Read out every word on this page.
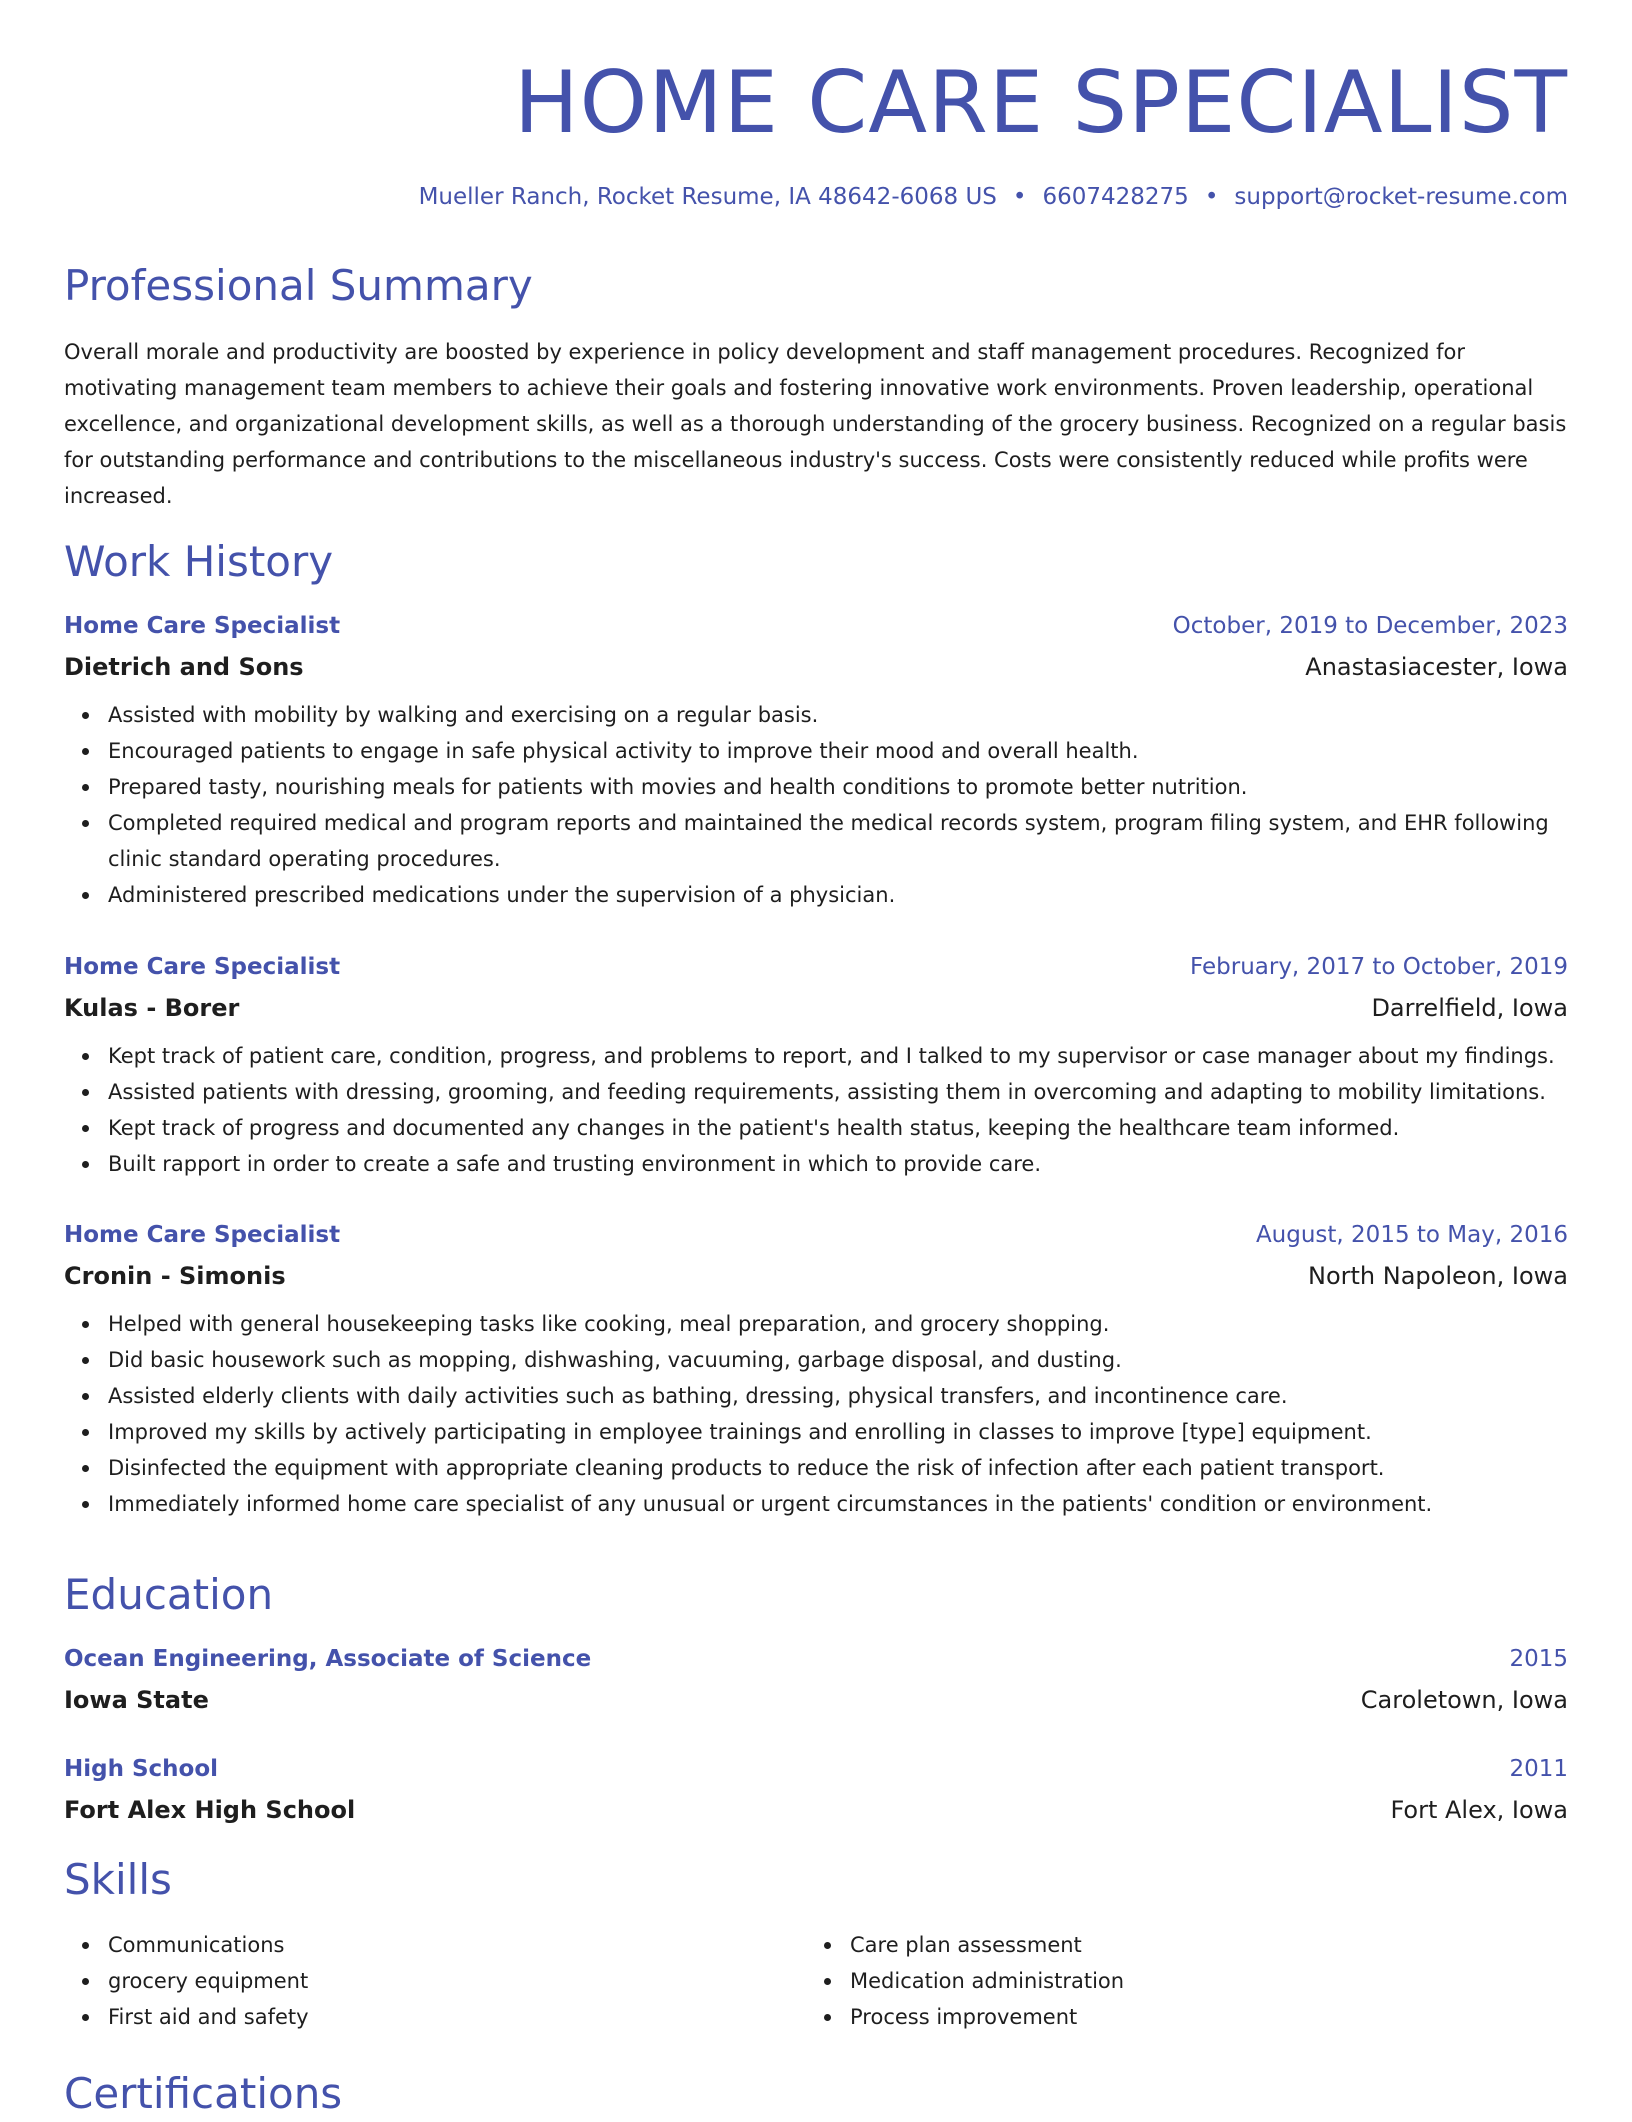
HOME CARE SPECIALIST
Mueller Ranch, Rocket Resume, IA 48642-6068 US • 6607428275 • support@rocket-resume.com
Professional Summary

Overall morale and productivity are boosted by experience in policy development and staff management procedures. Recognized for motivating management team members to achieve their goals and fostering innovative work environments. Proven leadership, operational excellence, and organizational development skills, as well as a thorough understanding of the grocery business. Recognized on a regular basis for outstanding performance and contributions to the miscellaneous industry's success. Costs were consistently reduced while profits were increased.

Work History
Home Care Specialist	October, 2019 to December, 2023
Dietrich and Sons	Anastasiacester, Iowa
Assisted with mobility by walking and exercising on a regular basis.
Encouraged patients to engage in safe physical activity to improve their mood and overall health.
Prepared tasty, nourishing meals for patients with movies and health conditions to promote better nutrition.
Completed required medical and program reports and maintained the medical records system, program filing system, and EHR following clinic standard operating procedures.
Administered prescribed medications under the supervision of a physician.
Home Care Specialist	February, 2017 to October, 2019
Kulas - Borer	Darrelfield, Iowa
Kept track of patient care, condition, progress, and problems to report, and I talked to my supervisor or case manager about my findings.
Assisted patients with dressing, grooming, and feeding requirements, assisting them in overcoming and adapting to mobility limitations.
Kept track of progress and documented any changes in the patient's health status, keeping the healthcare team informed.
Built rapport in order to create a safe and trusting environment in which to provide care.
Home Care Specialist	August, 2015 to May, 2016
Cronin - Simonis	North Napoleon, Iowa
Helped with general housekeeping tasks like cooking, meal preparation, and grocery shopping.
Did basic housework such as mopping, dishwashing, vacuuming, garbage disposal, and dusting.
Assisted elderly clients with daily activities such as bathing, dressing, physical transfers, and incontinence care.
Improved my skills by actively participating in employee trainings and enrolling in classes to improve [type] equipment.
Disinfected the equipment with appropriate cleaning products to reduce the risk of infection after each patient transport.
Immediately informed home care specialist of any unusual or urgent circumstances in the patients' condition or environment.
Education
Ocean Engineering, Associate of Science	2015
Iowa State	Caroletown, Iowa
High School	2011
Fort Alex High School	Fort Alex, Iowa
Skills
Communications
grocery equipment
First aid and safety
Care plan assessment
Medication administration
Process improvement
Certifications
